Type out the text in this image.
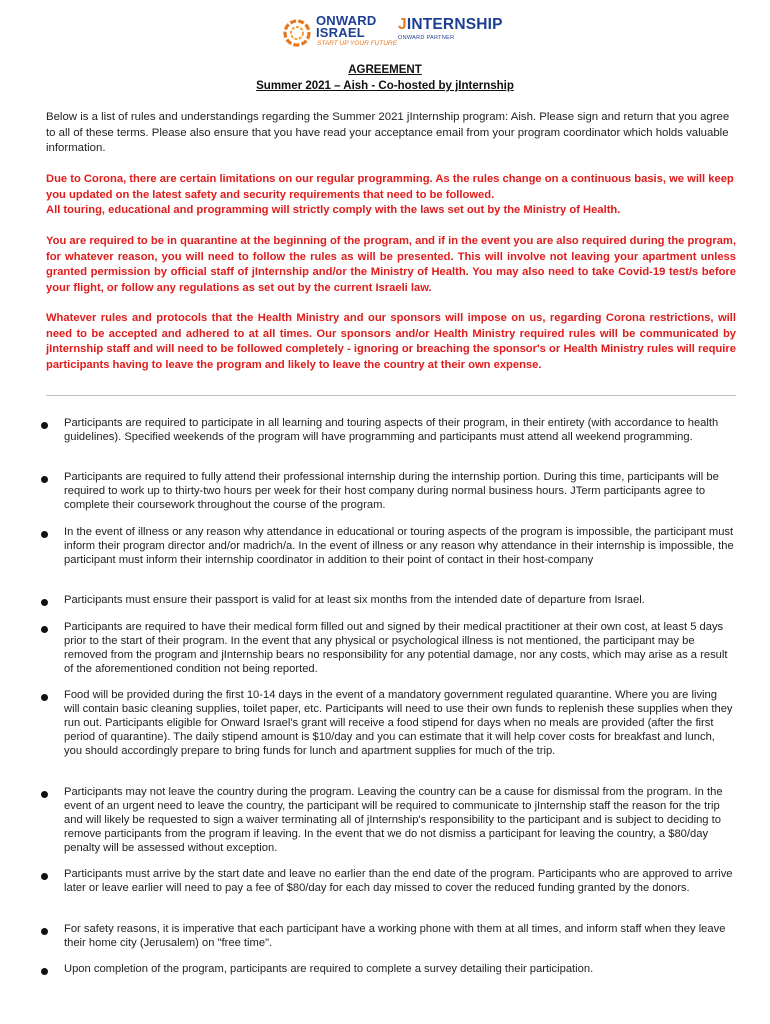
ONWARD
ISRAEL
START UP YOUR FUTURE
JINTERNSHIP
ONWARD PARTNER
AGREEMENT
Summer 2021 – Aish - Co-hosted by jInternship
Below is a list of rules and understandings regarding the Summer 2021 jInternship program: Aish. Please sign and return that you agree to all of these terms. Please also ensure that you have read your acceptance email from your program coordinator which holds valuable information.
Due to Corona, there are certain limitations on our regular programming. As the rules change on a continuous basis, we will keep you updated on the latest safety and security requirements that need to be followed.
All touring, educational and programming will strictly comply with the laws set out by the Ministry of Health.
You are required to be in quarantine at the beginning of the program, and if in the event you are also required during the program, for whatever reason, you will need to follow the rules as will be presented. This will involve not leaving your apartment unless granted permission by official staff of jInternship and/or the Ministry of Health. You may also need to take Covid-19 test/s before your flight, or follow any regulations as set out by the current Israeli law.
Whatever rules and protocols that the Health Ministry and our sponsors will impose on us, regarding Corona restrictions, will need to be accepted and adhered to at all times. Our sponsors and/or Health Ministry required rules will be communicated by jInternship staff and will need to be followed completely - ignoring or breaching the sponsor's or Health Ministry rules will require participants having to leave the program and likely to leave the country at their own expense.
Participants are required to participate in all learning and touring aspects of their program, in their entirety (with accordance to health guidelines). Specified weekends of the program will have programming and participants must attend all weekend programming.
Participants are required to fully attend their professional internship during the internship portion. During this time, participants will be required to work up to thirty-two hours per week for their host company during normal business hours. JTerm participants agree to complete their coursework throughout the course of the program.
In the event of illness or any reason why attendance in educational or touring aspects of the program is impossible, the participant must inform their program director and/or madrich/a. In the event of illness or any reason why attendance in their internship is impossible, the participant must inform their internship coordinator in addition to their point of contact in their host-company
Participants must ensure their passport is valid for at least six months from the intended date of departure from Israel.
Participants are required to have their medical form filled out and signed by their medical practitioner at their own cost, at least 5 days prior to the start of their program. In the event that any physical or psychological illness is not mentioned, the participant may be removed from the program and jInternship bears no responsibility for any potential damage, nor any costs, which may arise as a result of the aforementioned condition not being reported.
Food will be provided during the first 10-14 days in the event of a mandatory government regulated quarantine. Where you are living will contain basic cleaning supplies, toilet paper, etc. Participants will need to use their own funds to replenish these supplies when they run out. Participants eligible for Onward Israel's grant will receive a food stipend for days when no meals are provided (after the first period of quarantine). The daily stipend amount is $10/day and you can estimate that it will help cover costs for breakfast and lunch, you should accordingly prepare to bring funds for lunch and apartment supplies for much of the trip.
Participants may not leave the country during the program. Leaving the country can be a cause for dismissal from the program. In the event of an urgent need to leave the country, the participant will be required to communicate to jInternship staff the reason for the trip and will likely be requested to sign a waiver terminating all of jInternship's responsibility to the participant and is subject to deciding to remove participants from the program if leaving. In the event that we do not dismiss a participant for leaving the country, a $80/day penalty will be assessed without exception.
Participants must arrive by the start date and leave no earlier than the end date of the program. Participants who are approved to arrive later or leave earlier will need to pay a fee of $80/day for each day missed to cover the reduced funding granted by the donors.
For safety reasons, it is imperative that each participant have a working phone with them at all times, and inform staff when they leave their home city (Jerusalem) on "free time".
Upon completion of the program, participants are required to complete a survey detailing their participation.
